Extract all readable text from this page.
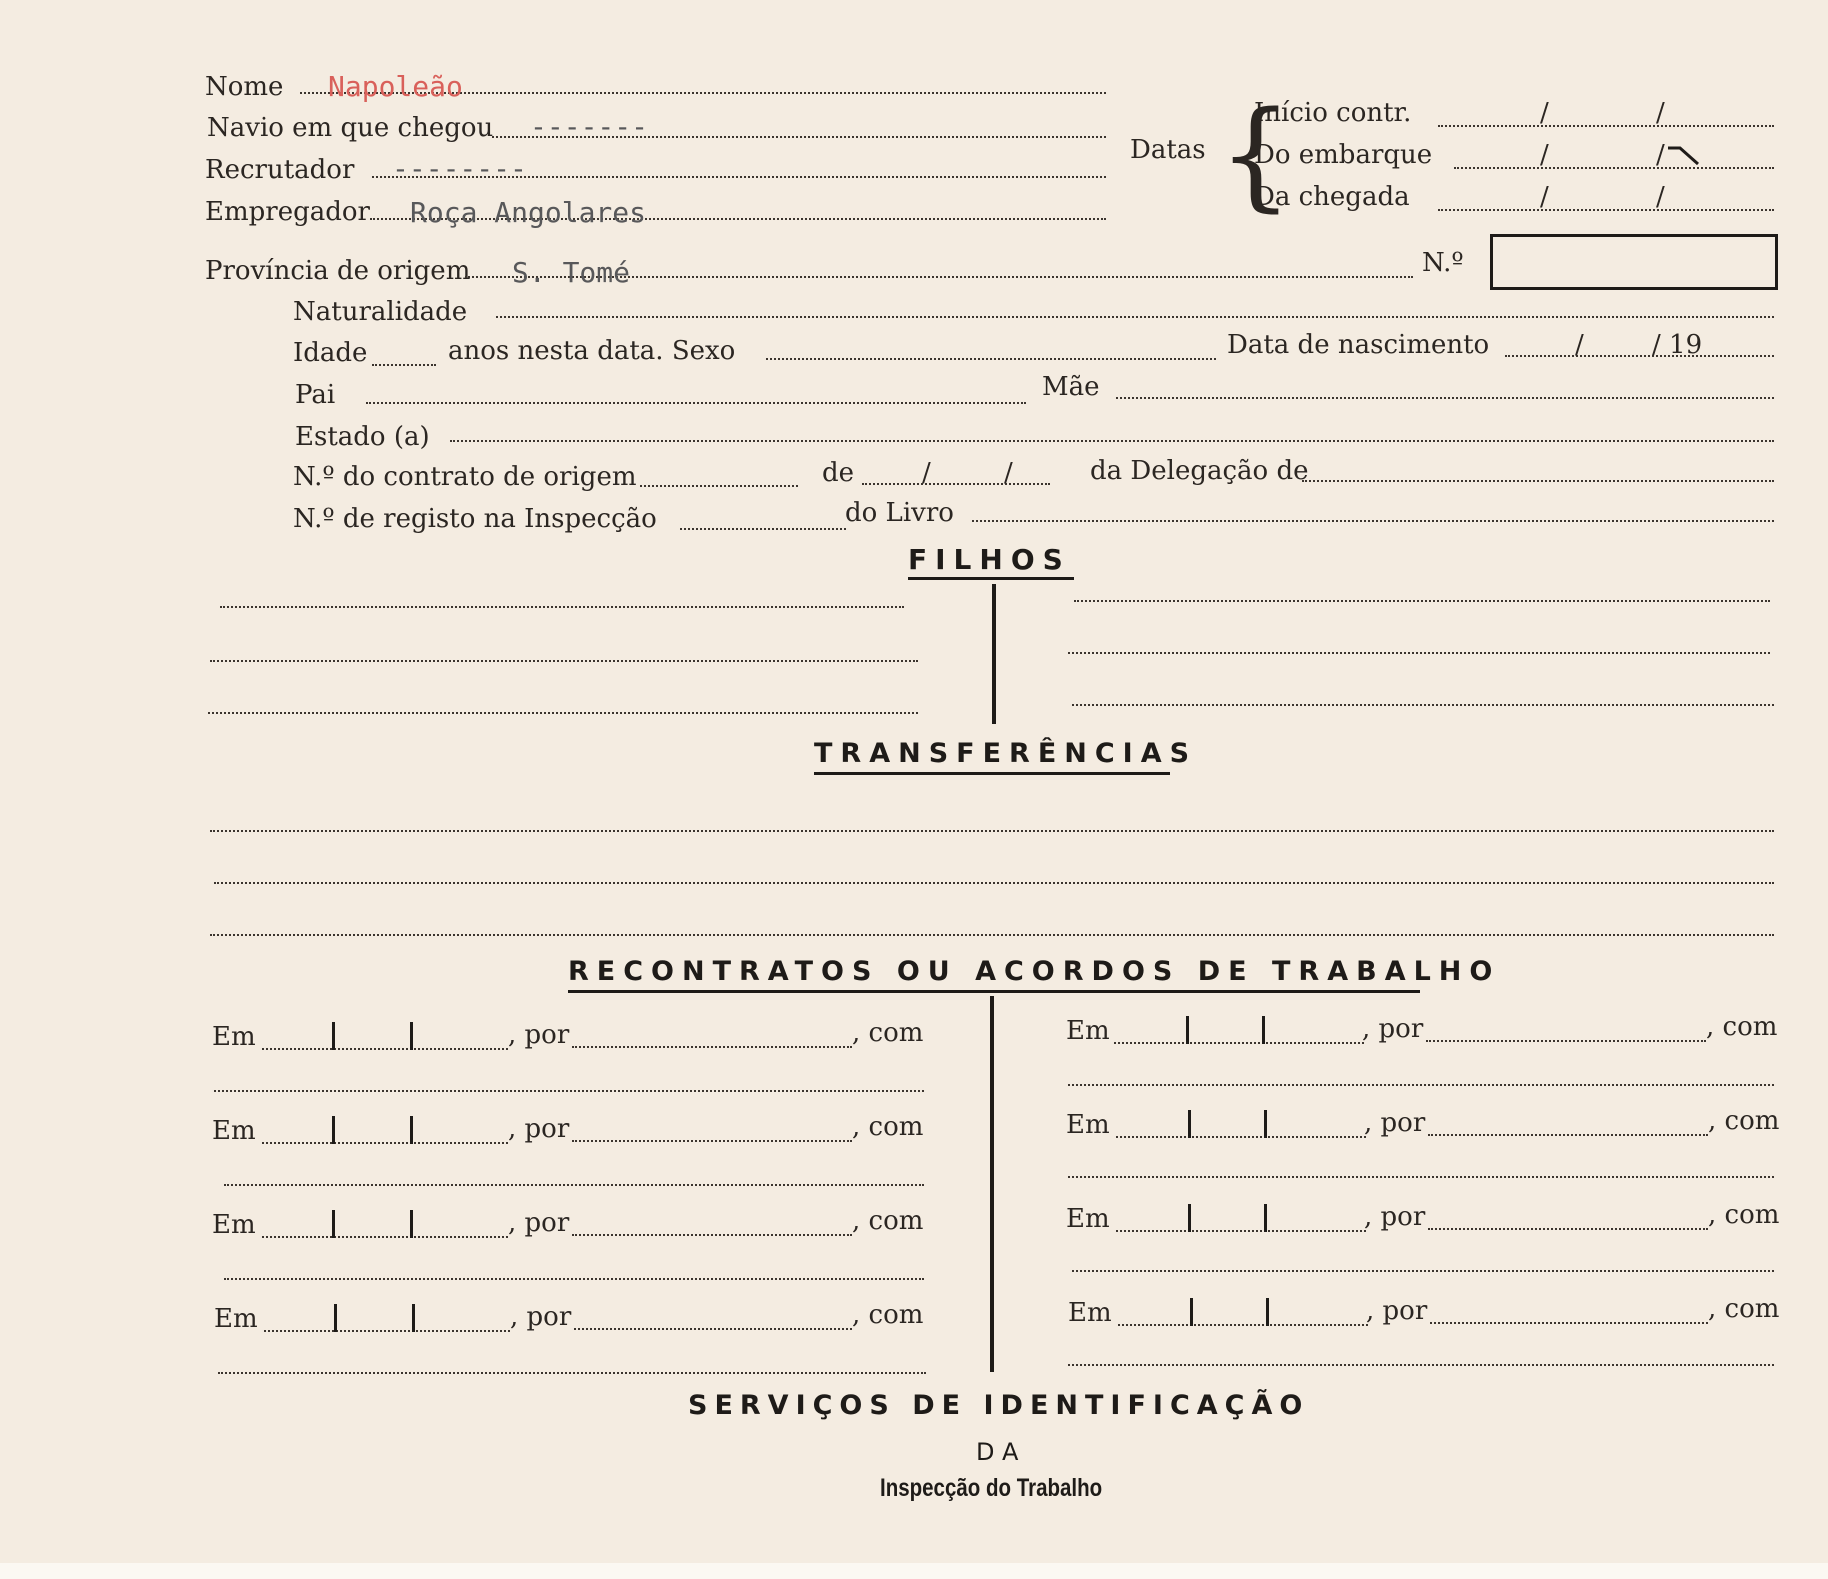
Nome Napoleão
Navio em que chegou -------
Recrutador --------
Empregador Roça Angolares
Datas {
Início contr.	/	/
Do embarque	/	/
Da chegada	/	/
Província de origem S. Tomé	N.º
Naturalidade
Idade	anos nesta data. Sexo	Data de nascimento	/	/ 19
Pai	Mãe
Estado (a)
N.º do contrato de origem	de	/	/	da Delegação de
N.º de registo na Inspecção	do Livro
FILHOS
TRANSFERÊNCIAS
RECONTRATOS OU ACORDOS DE TRABALHO
Em	, por	, com
Em	, por	, com
Em	, por	, com
Em	, por	, com
Em	, por	, com
Em	, por	, com
Em	, por	, com
Em	, por	, com
SERVIÇOS DE IDENTIFICAÇÃO
DA
Inspecção do Trabalho
